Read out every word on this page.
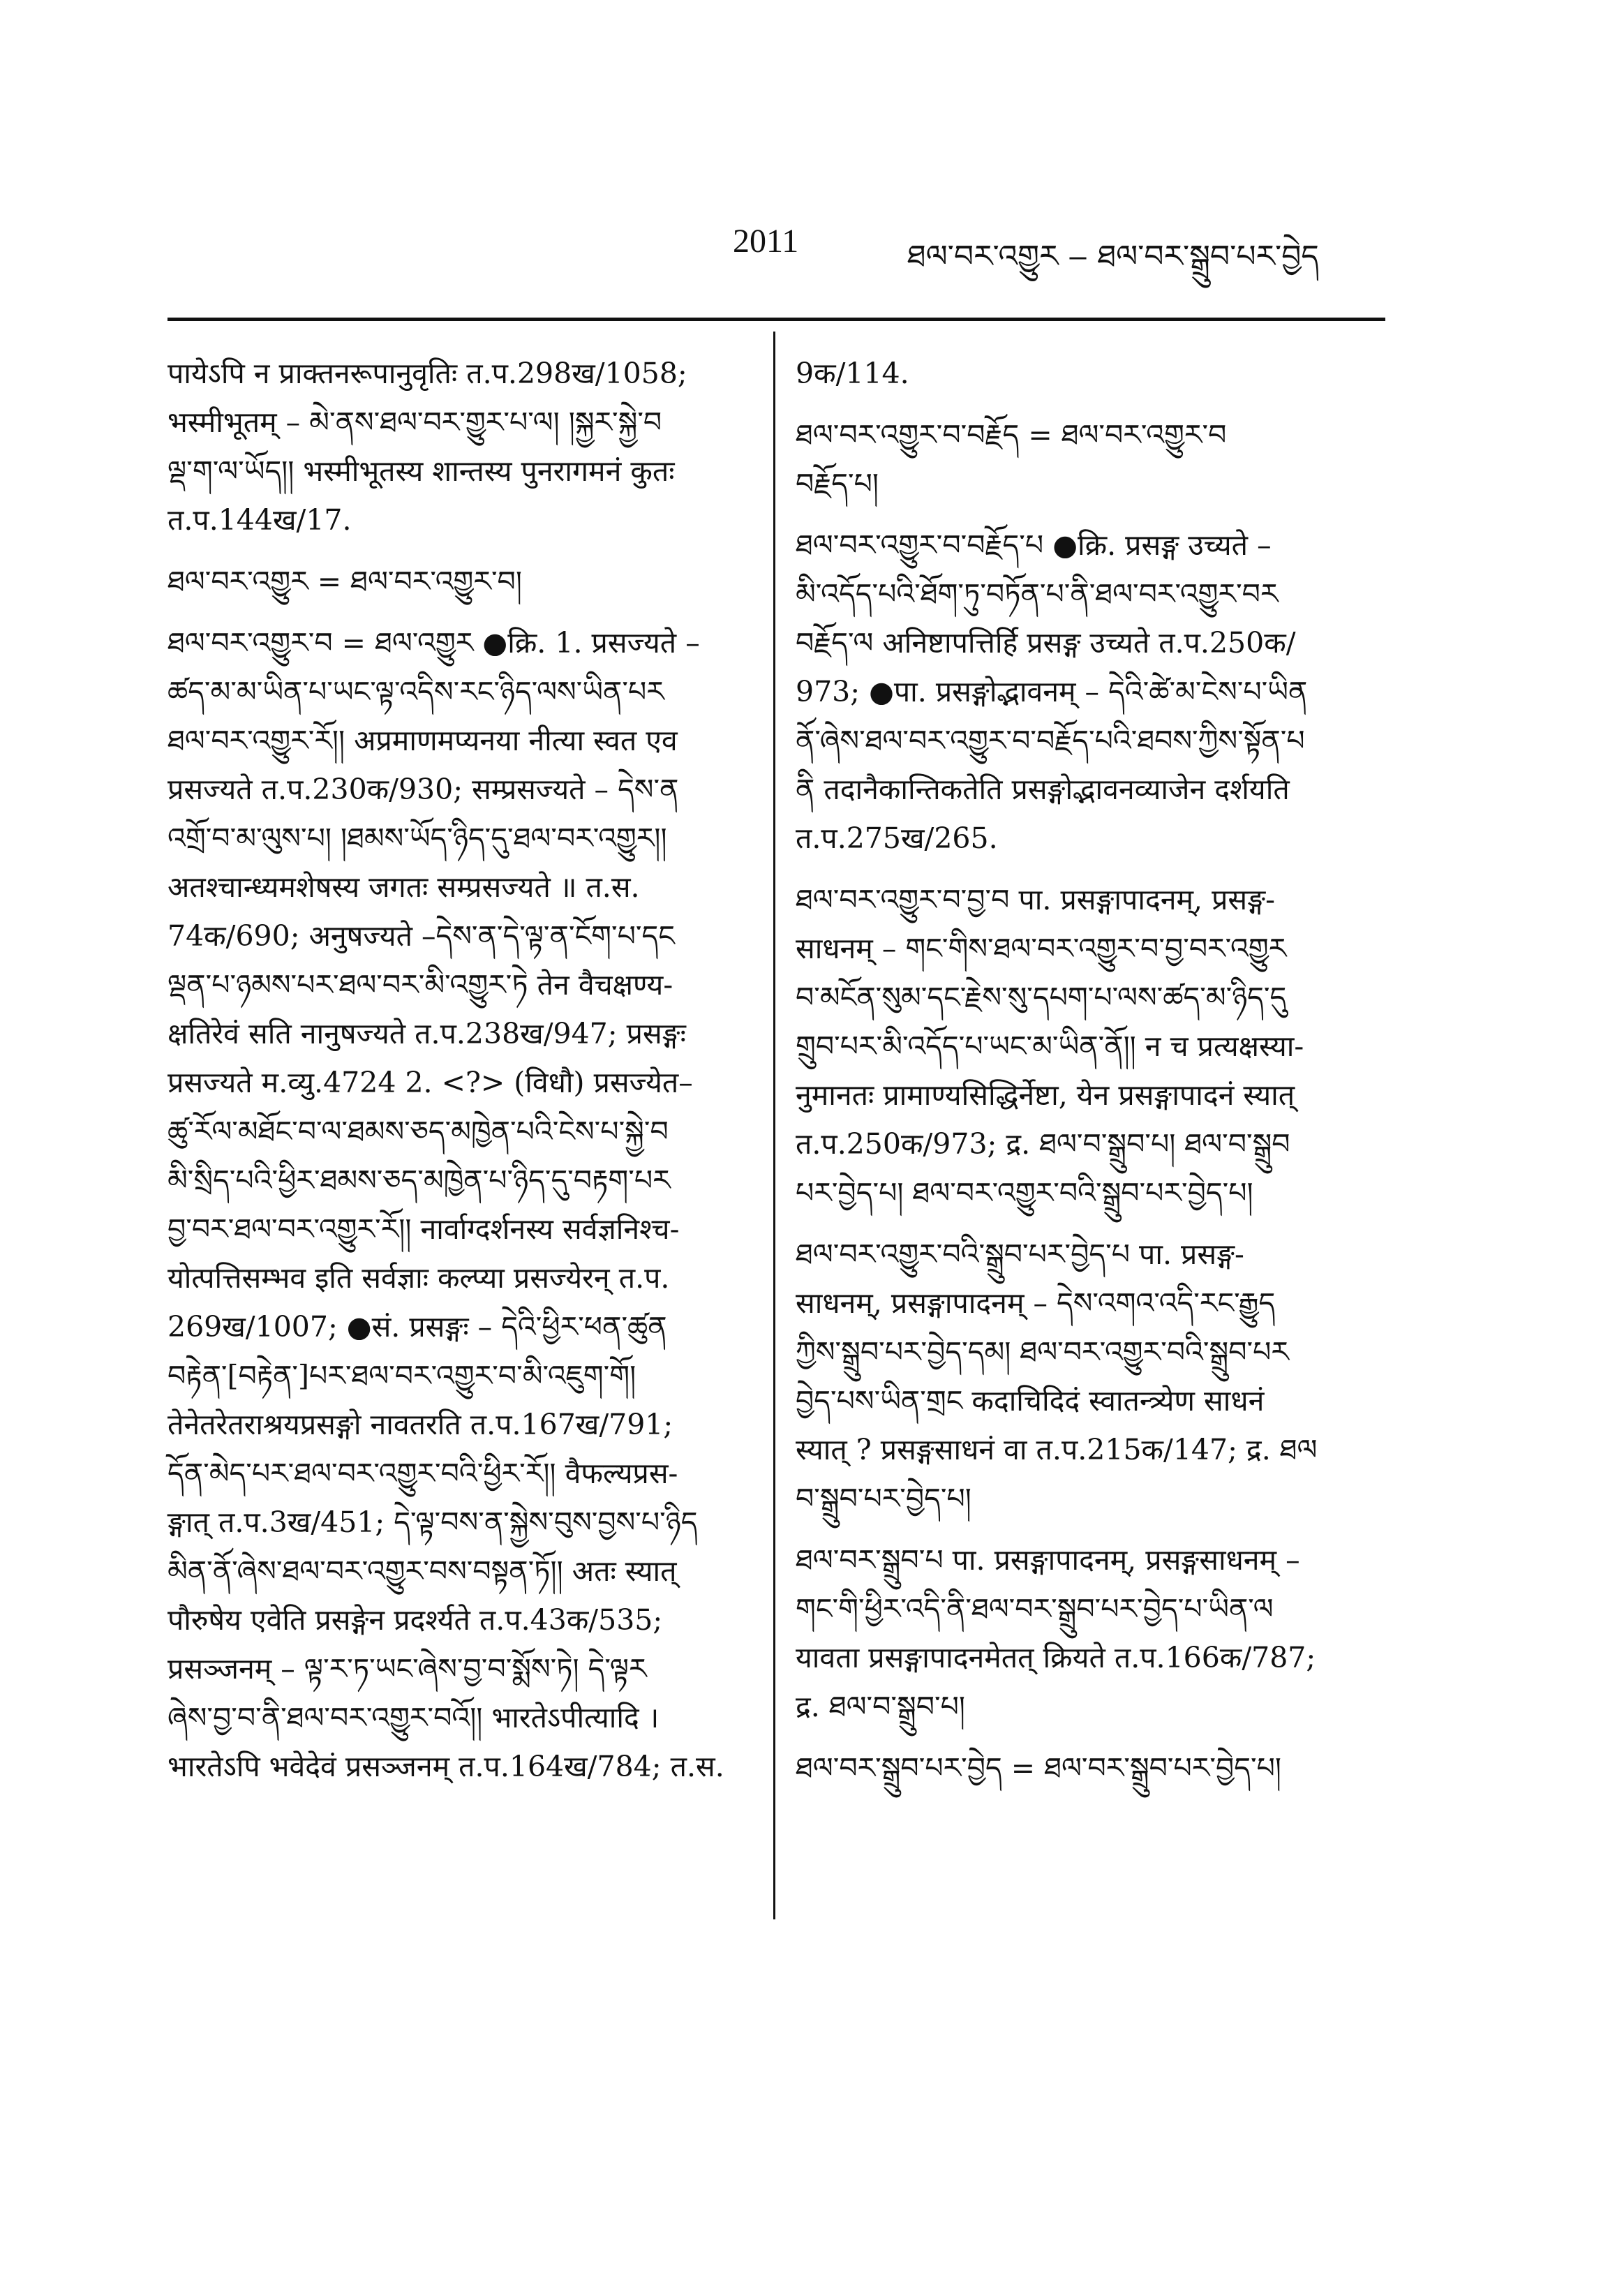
2011	ཐལ་བར་འགྱུར ‒ ཐལ་བར་སྒྲུབ་པར་བྱེད
पायेऽपि न प्राक्तनरूपानुवृतिः त.प.298ख/1058;
भस्मीभूतम् – མེ་ནས་ཐལ་བར་གྱུར་པ་ལ། །སྐྱར་སྐྱེ་བ
ལྡ་ག་ལ་ཡོད།། भस्मीभूतस्य शान्तस्य पुनरागमनं कुतः
त.प.144ख/17.
ཐལ་བར་འགྱུར = ཐལ་བར་འགྱུར་བ།
ཐལ་བར་འགྱུར་བ = ཐལ་འགྱུར ●क्रि. 1. प्रसज्यते –
ཚད་མ་མ་ཡིན་པ་ཡང་ལྟ་འདིས་རང་ཉིད་ལས་ཡིན་པར
ཐལ་བར་འགྱུར་རོ།། अप्रमाणमप्यनया नीत्या स्वत एव
प्रसज्यते त.प.230क/930; सम्प्रसज्यते – དེས་ན
འགྲོ་བ་མ་ལུས་པ། །ཐམས་ཡོད་ཉིད་དུ་ཐལ་བར་འགྱུར།།
अतश्चान्ध्यमशेषस्य जगतः सम्प्रसज्यते ॥ त.स.
74क/690; अनुषज्यते –དེས་ན་དེ་ལྟ་ན་ངོག་པ་དང
ལྡན་པ་ཉམས་པར་ཐལ་བར་མི་འགྱུར་ཏེ तेन वैचक्षण्य-
क्षतिरेवं सति नानुषज्यते त.प.238ख/947; प्रसङ्गः
प्रसज्यते म.व्यु.4724 2. <?> (विधौ) प्रसज्येत–
ཚུ་རོལ་མཐོང་བ་ལ་ཐམས་ཅད་མཁྱེན་པའི་ངེས་པ་སྐྱེ་བ
མི་སྲིད་པའི་ཕྱིར་ཐམས་ཅད་མཁྱེན་པ་ཉིད་དུ་བརྟག་པར
བྱ་བར་ཐལ་བར་འགྱུར་རོ།། नार्वाग्दर्शनस्य सर्वज्ञनिश्च-
योत्पत्तिसम्भव इति सर्वज्ञाः कल्प्या प्रसज्येरन् त.प.
269ख/1007; ●सं. प्रसङ्गः – དེའི་ཕྱིར་ཕན་ཚུན
བརྟེན་[བརྟེན་]པར་ཐལ་བར་འགྱུར་བ་མི་འཇུག་གོ།
तेनेतरेतराश्रयप्रसङ्गो नावतरति त.प.167ख/791;
དོན་མེད་པར་ཐལ་བར་འགྱུར་བའི་ཕྱིར་རོ།། वैफल्यप्रस-
ङ्गात् त.प.3ख/451; དེ་ལྟ་བས་ན་སྐྱེས་བུས་བྱས་པ་ཉིད
མིན་ནོ་ཞེས་ཐལ་བར་འགྱུར་བས་བསྟན་ཏོ།། अतः स्यात्
पौरुषेय एवेति प्रसङ्गेन प्रदर्श्यते त.प.43क/535;
प्रसञ्जनम् – ལྟ་ར་ཏ་ཡང་ཞེས་བྱ་བ་སྨོས་ཏེ། དེ་ལྟར
ཞེས་བྱ་བ་ནི་ཐལ་བར་འགྱུར་བའོ།། भारतेऽपीत्यादि ।
भारतेऽपि भवेदेवं प्रसञ्जनम् त.प.164ख/784; त.स.
9क/114.
ཐལ་བར་འགྱུར་བ་བརྗོད = ཐལ་བར་འགྱུར་བ
བརྗོད་པ།
ཐལ་བར་འགྱུར་བ་བརྗོད་པ ●क्रि. प्रसङ्ग उच्यते –
མི་འདོད་པའི་ཐོག་ཏུ་བཏོན་པ་ནི་ཐལ་བར་འགྱུར་བར
བརྗོད་ལ अनिष्टापत्तिर्हि प्रसङ्ग उच्यते त.प.250क/
973; ●पा. प्रसङ्गोद्भावनम् – དེའི་ཚེ་མ་ངེས་པ་ཡིན
ནོ་ཞེས་ཐལ་བར་འགྱུར་བ་བརྗོད་པའི་ཐབས་ཀྱིས་སྟོན་པ
ནི तदानैकान्तिकतेति प्रसङ्गोद्भावनव्याजेन दर्शयति
त.प.275ख/265.
ཐལ་བར་འགྱུར་བ་བྱ་བ पा. प्रसङ्गापादनम्, प्रसङ्ग-
साधनम् – གང་གིས་ཐལ་བར་འགྱུར་བ་བྱ་བར་འགྱུར
བ་མངོན་སུམ་དང་རྗེས་སུ་དཔག་པ་ལས་ཚད་མ་ཉིད་དུ
གྲུབ་པར་མི་འདོད་པ་ཡང་མ་ཡིན་ནོ།། न च प्रत्यक्षस्या-
नुमानतः प्रामाण्यसिद्धिर्नेष्टा, येन प्रसङ्गापादनं स्यात्
त.प.250क/973; द्र. ཐལ་བ་སྒྲུབ་པ། ཐལ་བ་སྒྲུབ
པར་བྱེད་པ། ཐལ་བར་འགྱུར་བའི་སྒྲུབ་པར་བྱེད་པ།
ཐལ་བར་འགྱུར་བའི་སྒྲུབ་པར་བྱེད་པ पा. प्रसङ्ग-
साधनम्, प्रसङ्गापादनम् – དེས་འགའ་འདི་རང་རྒྱུད
ཀྱིས་སྒྲུབ་པར་བྱེད་དམ། ཐལ་བར་འགྱུར་བའི་སྒྲུབ་པར
བྱེད་པས་ཡིན་གྲང कदाचिदिदं स्वातन्त्र्येण साधनं
स्यात् ? प्रसङ्गसाधनं वा त.प.215क/147; द्र. ཐལ
བ་སྒྲུབ་པར་བྱེད་པ།
ཐལ་བར་སྒྲུབ་པ पा. प्रसङ्गापादनम्, प्रसङ्गसाधनम् –
གང་གི་ཕྱིར་འདི་ནི་ཐལ་བར་སྒྲུབ་པར་བྱེད་པ་ཡིན་ལ
यावता प्रसङ्गापादनमेतत् क्रियते त.प.166क/787;
द्र. ཐལ་བ་སྒྲུབ་པ།
ཐལ་བར་སྒྲུབ་པར་བྱེད = ཐལ་བར་སྒྲུབ་པར་བྱེད་པ།
